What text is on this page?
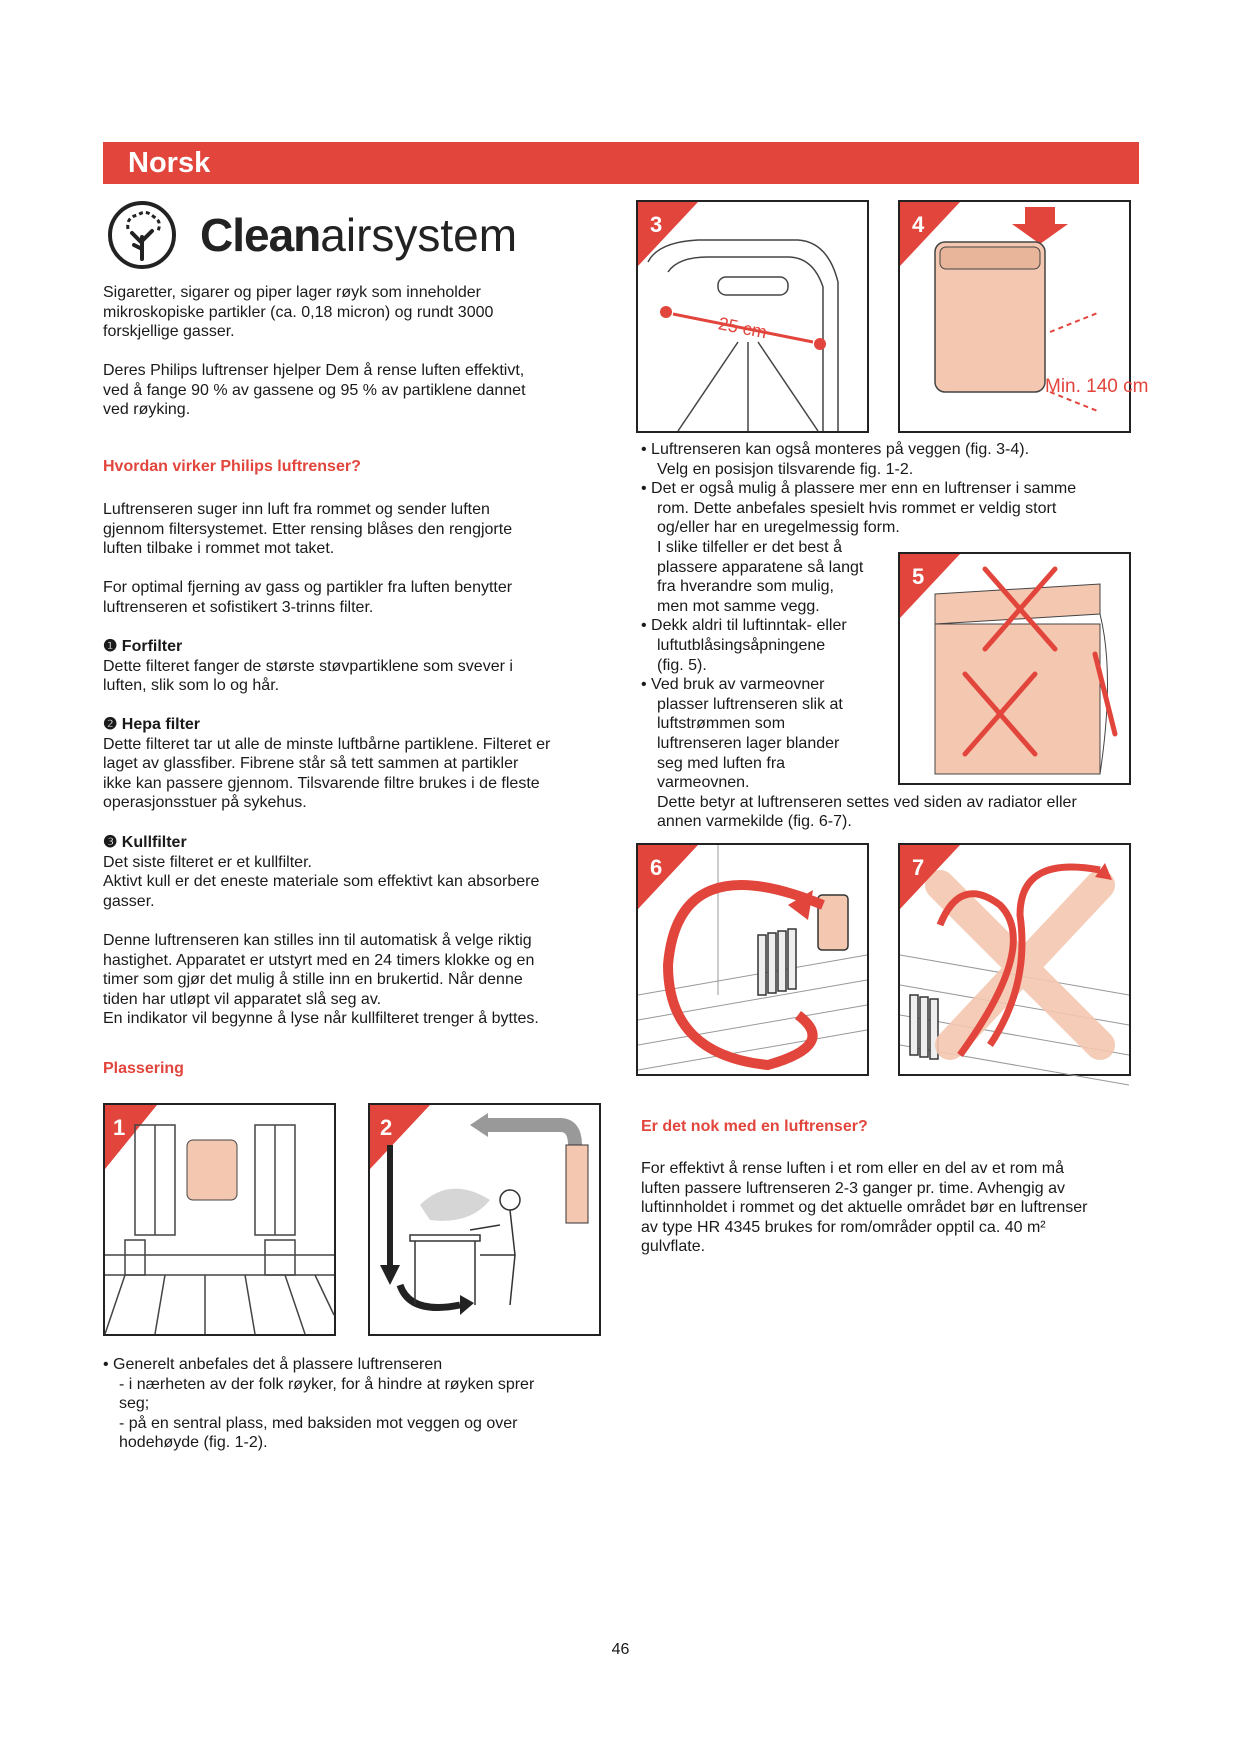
Norsk
Cleanairsystem

Sigaretter, sigarer og piper lager røyk som inneholder

mikroskopiske partikler (ca. 0,18 micron) og rundt 3000

forskjellige gasser.

Deres Philips luftrenser hjelper Dem å rense luften effektivt,

ved å fange 90 % av gassene og 95 % av partiklene dannet

ved røyking.

Hvordan virker Philips luftrenser?

Luftrenseren suger inn luft fra rommet og sender luften

gjennom filtersystemet. Etter rensing blåses den rengjorte

luften tilbake i rommet mot taket.

For optimal fjerning av gass og partikler fra luften benytter

luftrenseren et sofistikert 3-trinns filter.

❶ Forfilter

Dette filteret fanger de største støvpartiklene som svever i

luften, slik som lo og hår.

❷ Hepa filter

Dette filteret tar ut alle de minste luftbårne partiklene. Filteret er

laget av glassfiber. Fibrene står så tett sammen at partikler

ikke kan passere gjennom. Tilsvarende filtre brukes i de fleste

operasjonsstuer på sykehus.

❸ Kullfilter

Det siste filteret er et kullfilter.

Aktivt kull er det eneste materiale som effektivt kan absorbere

gasser.

Denne luftrenseren kan stilles inn til automatisk å velge riktig

hastighet. Apparatet er utstyrt med en 24 timers klokke og en

timer som gjør det mulig å stille inn en brukertid. Når denne

tiden har utløpt vil apparatet slå seg av.

En indikator vil begynne å lyse når kullfilteret trenger å byttes.

Plassering
1	2

• Generelt anbefales det å plassere luftrenseren

- i nærheten av der folk røyker, for å hindre at røyken sprer

seg;

- på en sentral plass, med baksiden mot veggen og over

hodehøyde (fig. 1-2).

3
25 cm
4
Min. 140 cm

• Luftrenseren kan også monteres på veggen (fig. 3-4).

Velg en posisjon tilsvarende fig. 1-2.

• Det er også mulig å plassere mer enn en luftrenser i samme

rom. Dette anbefales spesielt hvis rommet er veldig stort

og/eller har en uregelmessig form.

I slike tilfeller er det best å

plassere apparatene så langt

fra hverandre som mulig,

men mot samme vegg.

• Dekk aldri til luftinntak- eller

luftutblåsingsåpningene

(fig. 5).

• Ved bruk av varmeovner

plasser luftrenseren slik at

luftstrømmen som

luftrenseren lager blander

seg med luften fra

varmeovnen.

Dette betyr at luftrenseren settes ved siden av radiator eller

annen varmekilde (fig. 6-7).

5
6	7
Er det nok med en luftrenser?

For effektivt å rense luften i et rom eller en del av et rom må

luften passere luftrenseren 2-3 ganger pr. time. Avhengig av

luftinnholdet i rommet og det aktuelle området bør en luftrenser

av type HR 4345 brukes for rom/områder opptil ca. 40 m²

gulvflate.

46
